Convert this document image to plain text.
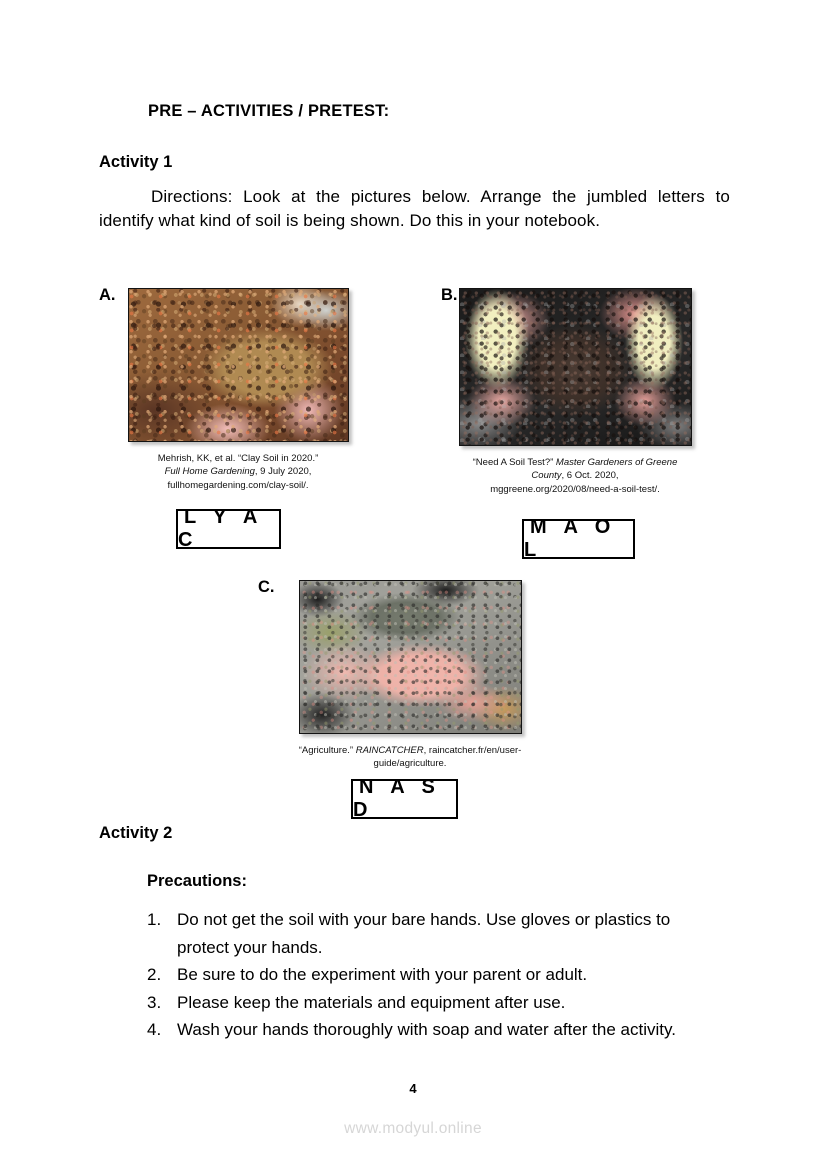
PRE – ACTIVITIES / PRETEST:
Activity 1
Directions: Look at the pictures below. Arrange the jumbled letters to identify what kind of soil is being shown. Do this in your notebook.
A.
Mehrish, KK, et al. “Clay Soil in 2020.”
Full Home Gardening, 9 July 2020,
fullhomegardening.com/clay-soil/.
L Y A C
B.
“Need A Soil Test?” Master Gardeners of Greene County, 6 Oct. 2020,
mggreene.org/2020/08/need-a-soil-test/.
M A O L
C.
“Agriculture.” RAINCATCHER, raincatcher.fr/en/user-
guide/agriculture.
N A S D
Activity 2
Precautions:
1. Do not get the soil with your bare hands. Use gloves or plastics to protect your hands.
2. Be sure to do the experiment with your parent or adult.
3. Please keep the materials and equipment after use.
4. Wash your hands thoroughly with soap and water after the activity.
4
www.modyul.online
